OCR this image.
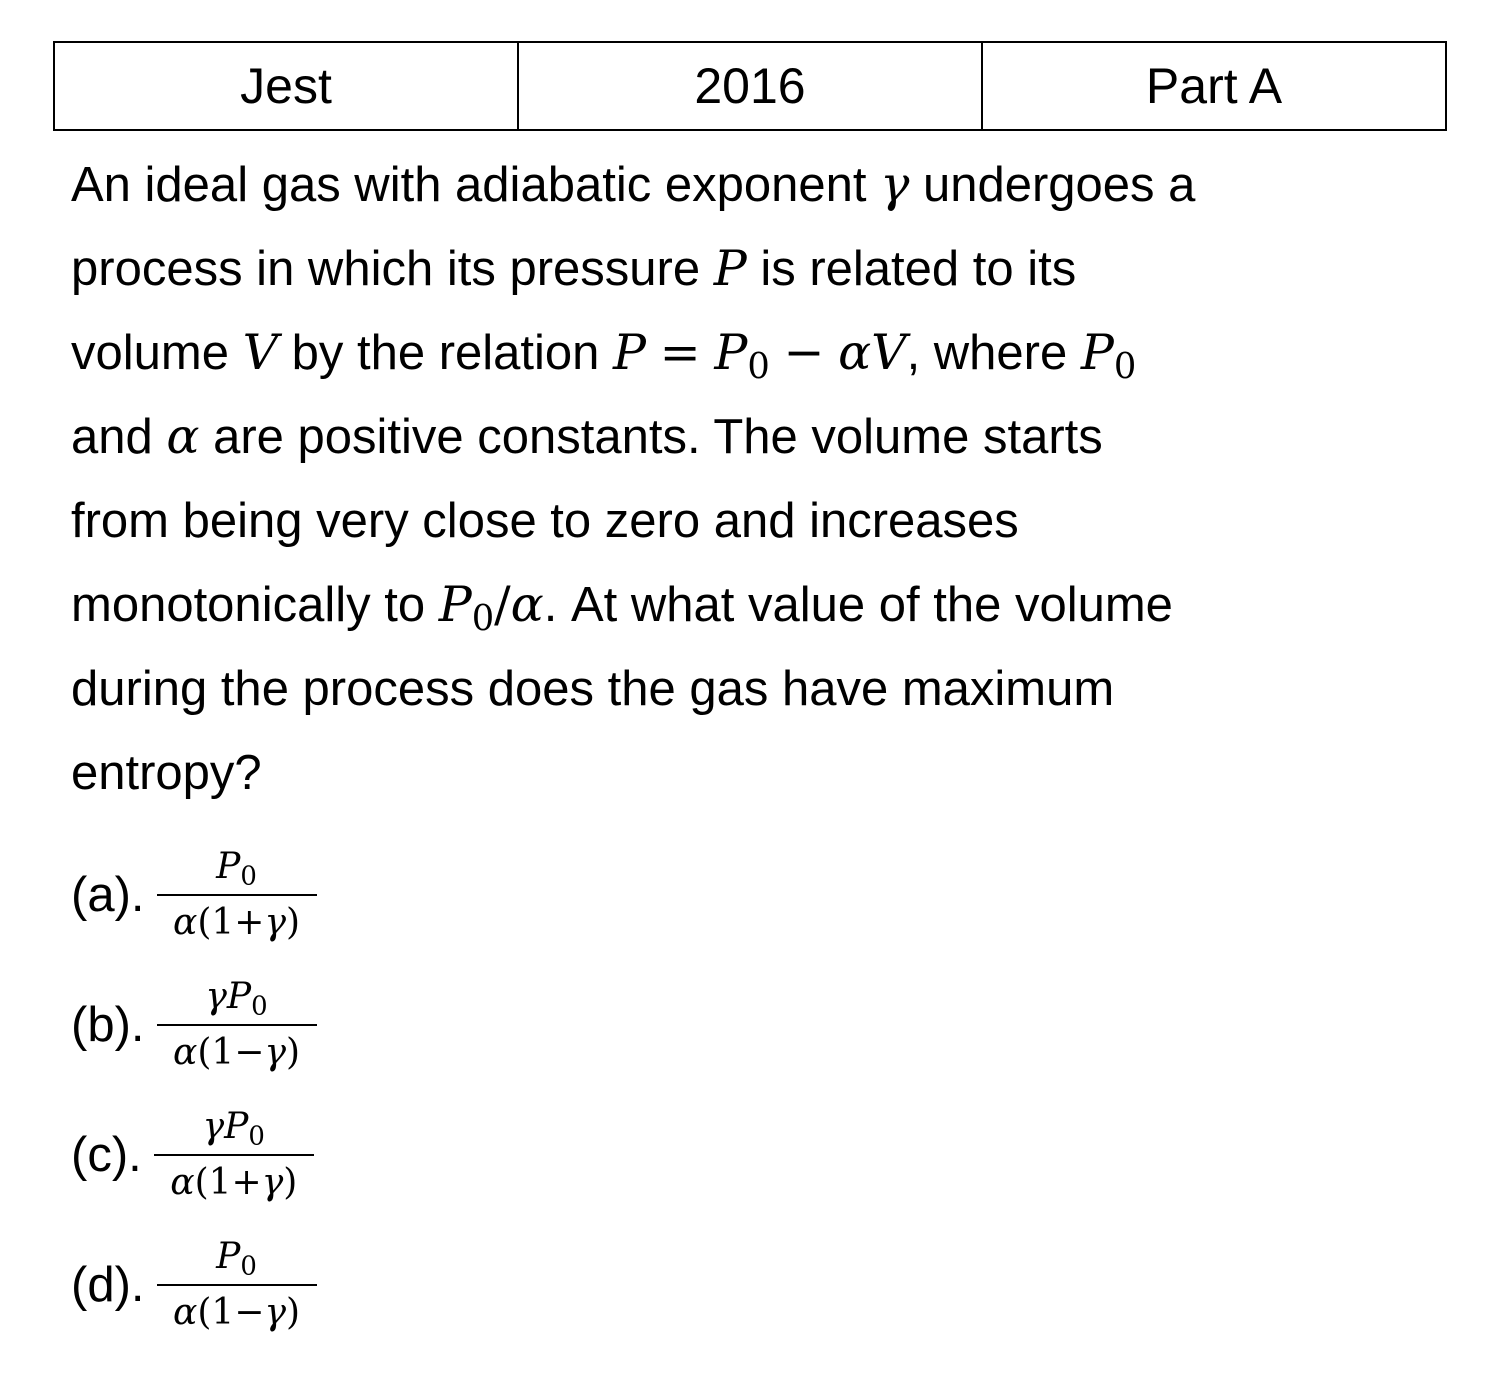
Jest	2016	Part A

An ideal gas with adiabatic exponent γ undergoes a

process in which its pressure P is related to its

volume V by the relation $P = P_0 - \alpha V$, where $P_0$

and α are positive constants. The volume starts

from being very close to zero and increases

monotonically to $P_0/\alpha$. At what value of the volume

during the process does the gas have maximum

entropy?

(a). $\frac{P_0}{\alpha(1+\gamma)}$
(b). $\frac{\gamma P_0}{\alpha(1-\gamma)}$
(c). $\frac{\gamma P_0}{\alpha(1+\gamma)}$
(d). $\frac{P_0}{\alpha(1-\gamma)}$
